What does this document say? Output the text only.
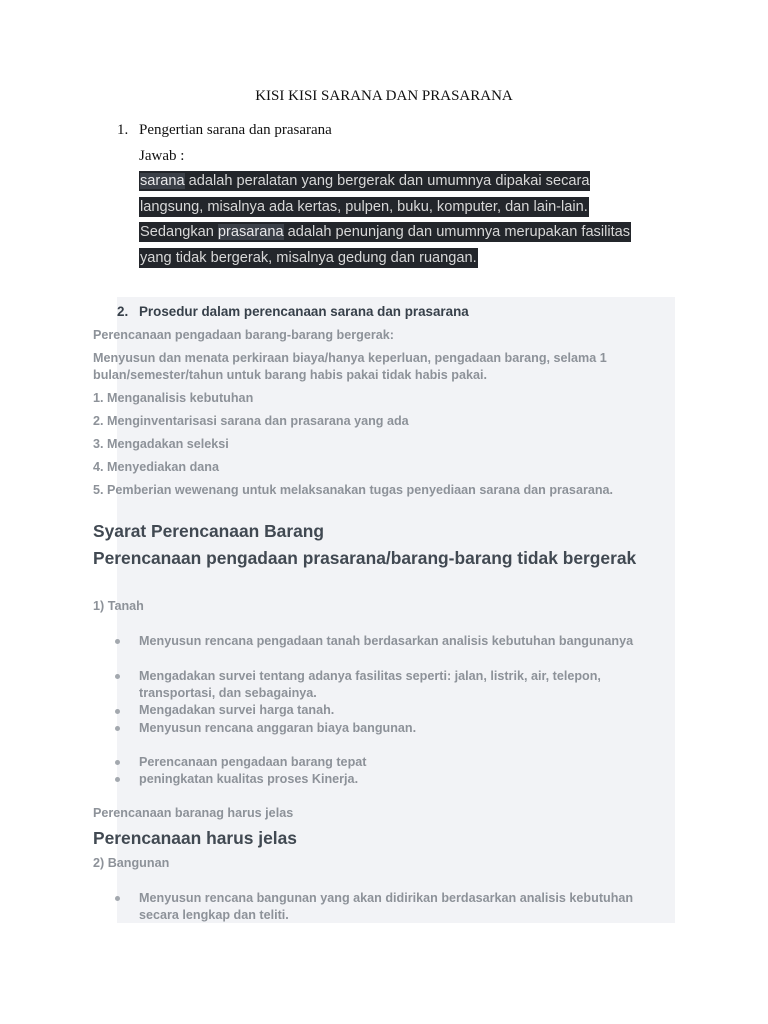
KISI KISI SARANA DAN PRASARANA
1. Pengertian sarana dan prasarana
Jawab :
sarana adalah peralatan yang bergerak dan umumnya dipakai secara
langsung, misalnya ada kertas, pulpen, buku, komputer, dan lain-lain.
Sedangkan prasarana adalah penunjang dan umumnya merupakan fasilitas
yang tidak bergerak, misalnya gedung dan ruangan.
2. Prosedur dalam perencanaan sarana dan prasarana
Perencanaan pengadaan barang-barang bergerak:
Menyusun dan menata perkiraan biaya/hanya keperluan, pengadaan barang, selama 1 bulan/semester/tahun untuk barang habis pakai tidak habis pakai.
1. Menganalisis kebutuhan
2. Menginventarisasi sarana dan prasarana yang ada
3. Mengadakan seleksi
4. Menyediakan dana
5. Pemberian wewenang untuk melaksanakan tugas penyediaan sarana dan prasarana.
Syarat Perencanaan Barang
Perencanaan pengadaan prasarana/barang-barang tidak bergerak
1) Tanah
Menyusun rencana pengadaan tanah berdasarkan analisis kebutuhan bangunanya
Mengadakan survei tentang adanya fasilitas seperti: jalan, listrik, air, telepon, transportasi, dan sebagainya.
Mengadakan survei harga tanah.
Menyusun rencana anggaran biaya bangunan.
Perencanaan pengadaan barang tepat
peningkatan kualitas proses Kinerja.
Perencanaan baranag harus jelas
Perencanaan harus jelas
2) Bangunan
Menyusun rencana bangunan yang akan didirikan berdasarkan analisis kebutuhan secara lengkap dan teliti.
